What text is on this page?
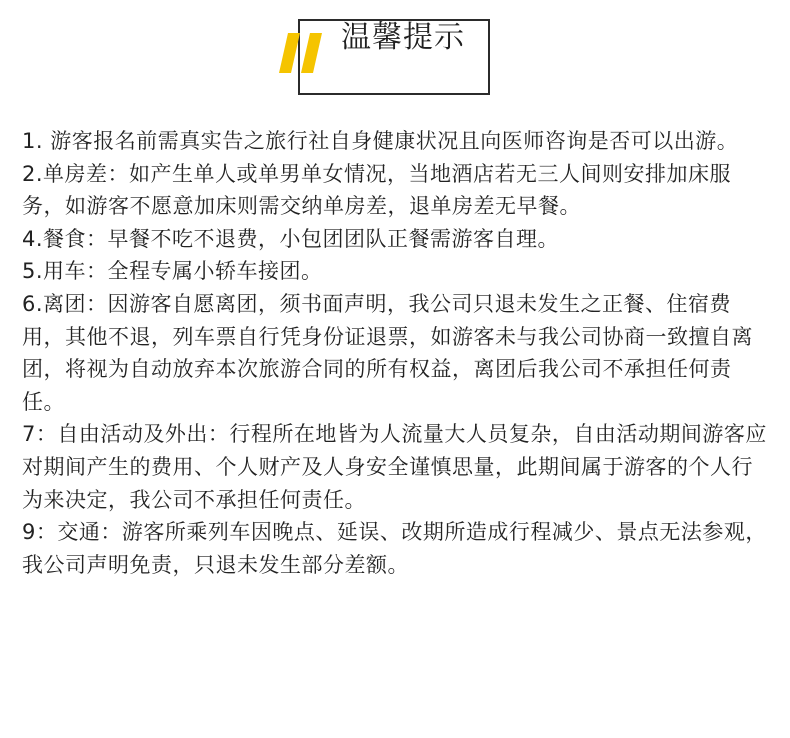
温馨提示

1. 游客报名前需真实告之旅行社自身健康状况且向医师咨询是否可以出游。

2.单房差：如产生单人或单男单女情况，当地酒店若无三人间则安排加床服务，如游客不愿意加床则需交纳单房差，退单房差无早餐。

4.餐食：早餐不吃不退费，小包团团队正餐需游客自理。

5.用车：全程专属小轿车接团。

6.离团：因游客自愿离团，须书面声明，我公司只退未发生之正餐、住宿费用，其他不退，列车票自行凭身份证退票，如游客未与我公司协商一致擅自离团，将视为自动放弃本次旅游合同的所有权益，离团后我公司不承担任何责任。

7：自由活动及外出：行程所在地皆为人流量大人员复杂，自由活动期间游客应对期间产生的费用、个人财产及人身安全谨慎思量，此期间属于游客的个人行为来决定，我公司不承担任何责任。

9：交通：游客所乘列车因晚点、延误、改期所造成行程减少、景点无法参观，我公司声明免责，只退未发生部分差额。
